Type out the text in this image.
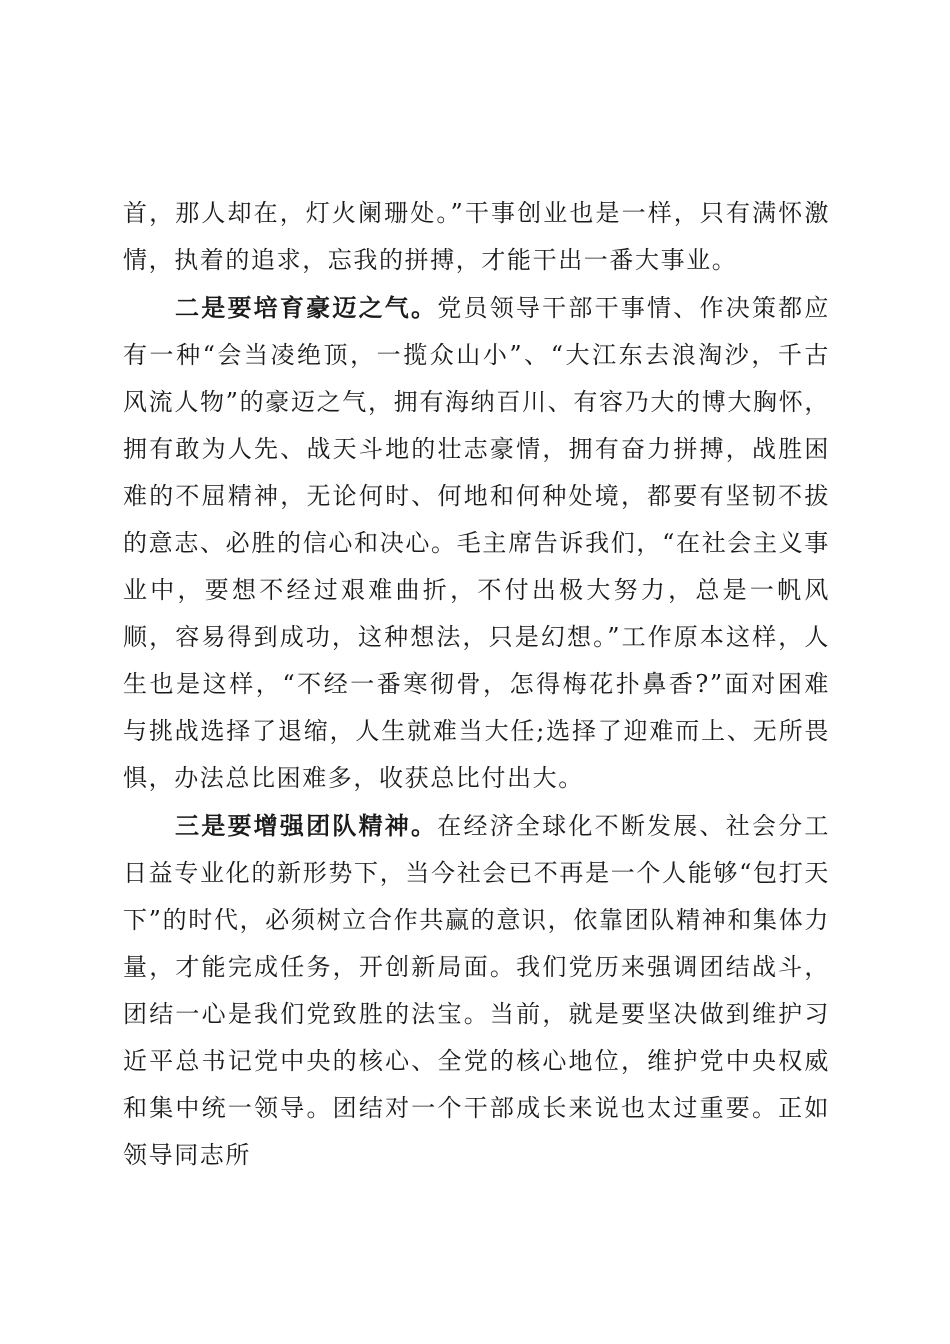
首，那人却在，灯火阑珊处。”干事创业也是一样，只有满怀激情，执着的追求，忘我的拼搏，才能干出一番大事业。

二是要培育豪迈之气。党员领导干部干事情、作决策都应有一种“会当凌绝顶，一揽众山小”、“大江东去浪淘沙，千古风流人物”的豪迈之气，拥有海纳百川、有容乃大的博大胸怀，拥有敢为人先、战天斗地的壮志豪情，拥有奋力拼搏，战胜困难的不屈精神，无论何时、何地和何种处境，都要有坚韧不拔的意志、必胜的信心和决心。毛主席告诉我们，“在社会主义事业中，要想不经过艰难曲折，不付出极大努力，总是一帆风顺，容易得到成功，这种想法，只是幻想。”工作原本这样，人生也是这样，“不经一番寒彻骨，怎得梅花扑鼻香?”面对困难与挑战选择了退缩，人生就难当大任;选择了迎难而上、无所畏惧，办法总比困难多，收获总比付出大。

三是要增强团队精神。在经济全球化不断发展、社会分工日益专业化的新形势下，当今社会已不再是一个人能够“包打天下”的时代，必须树立合作共赢的意识，依靠团队精神和集体力量，才能完成任务，开创新局面。我们党历来强调团结战斗，团结一心是我们党致胜的法宝。当前，就是要坚决做到维护习近平总书记党中央的核心、全党的核心地位，维护党中央权威和集中统一领导。团结对一个干部成长来说也太过重要。正如领导同志所
